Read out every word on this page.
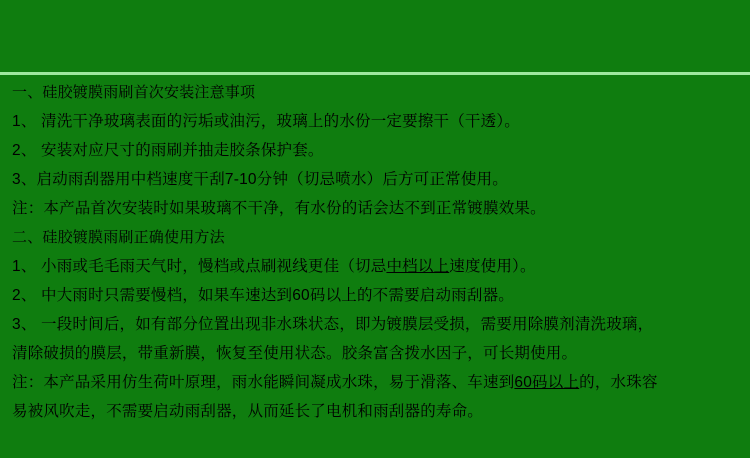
一、硅胶镀膜雨刷首次安装注意事项
1、 清洗干净玻璃表面的污垢或油污，玻璃上的水份一定要擦干（干透）。
2、 安装对应尺寸的雨刷并抽走胶条保护套。
3、启动雨刮器用中档速度干刮7-10分钟（切忌喷水）后方可正常使用。
注：本产品首次安装时如果玻璃不干净，有水份的话会达不到正常镀膜效果。
二、硅胶镀膜雨刷正确使用方法
1、 小雨或毛毛雨天气时，慢档或点刷视线更佳（切忌中档以上速度使用）。
2、 中大雨时只需要慢档，如果车速达到60码以上的不需要启动雨刮器。
3、 一段时间后，如有部分位置出现非水珠状态，即为镀膜层受损，需要用除膜剂清洗玻璃，
清除破损的膜层，带重新膜，恢复至使用状态。胶条富含拨水因子，可长期使用。
注：本产品采用仿生荷叶原理，雨水能瞬间凝成水珠，易于滑落、车速到60码以上的，水珠容
易被风吹走，不需要启动雨刮器，从而延长了电机和雨刮器的寿命。
